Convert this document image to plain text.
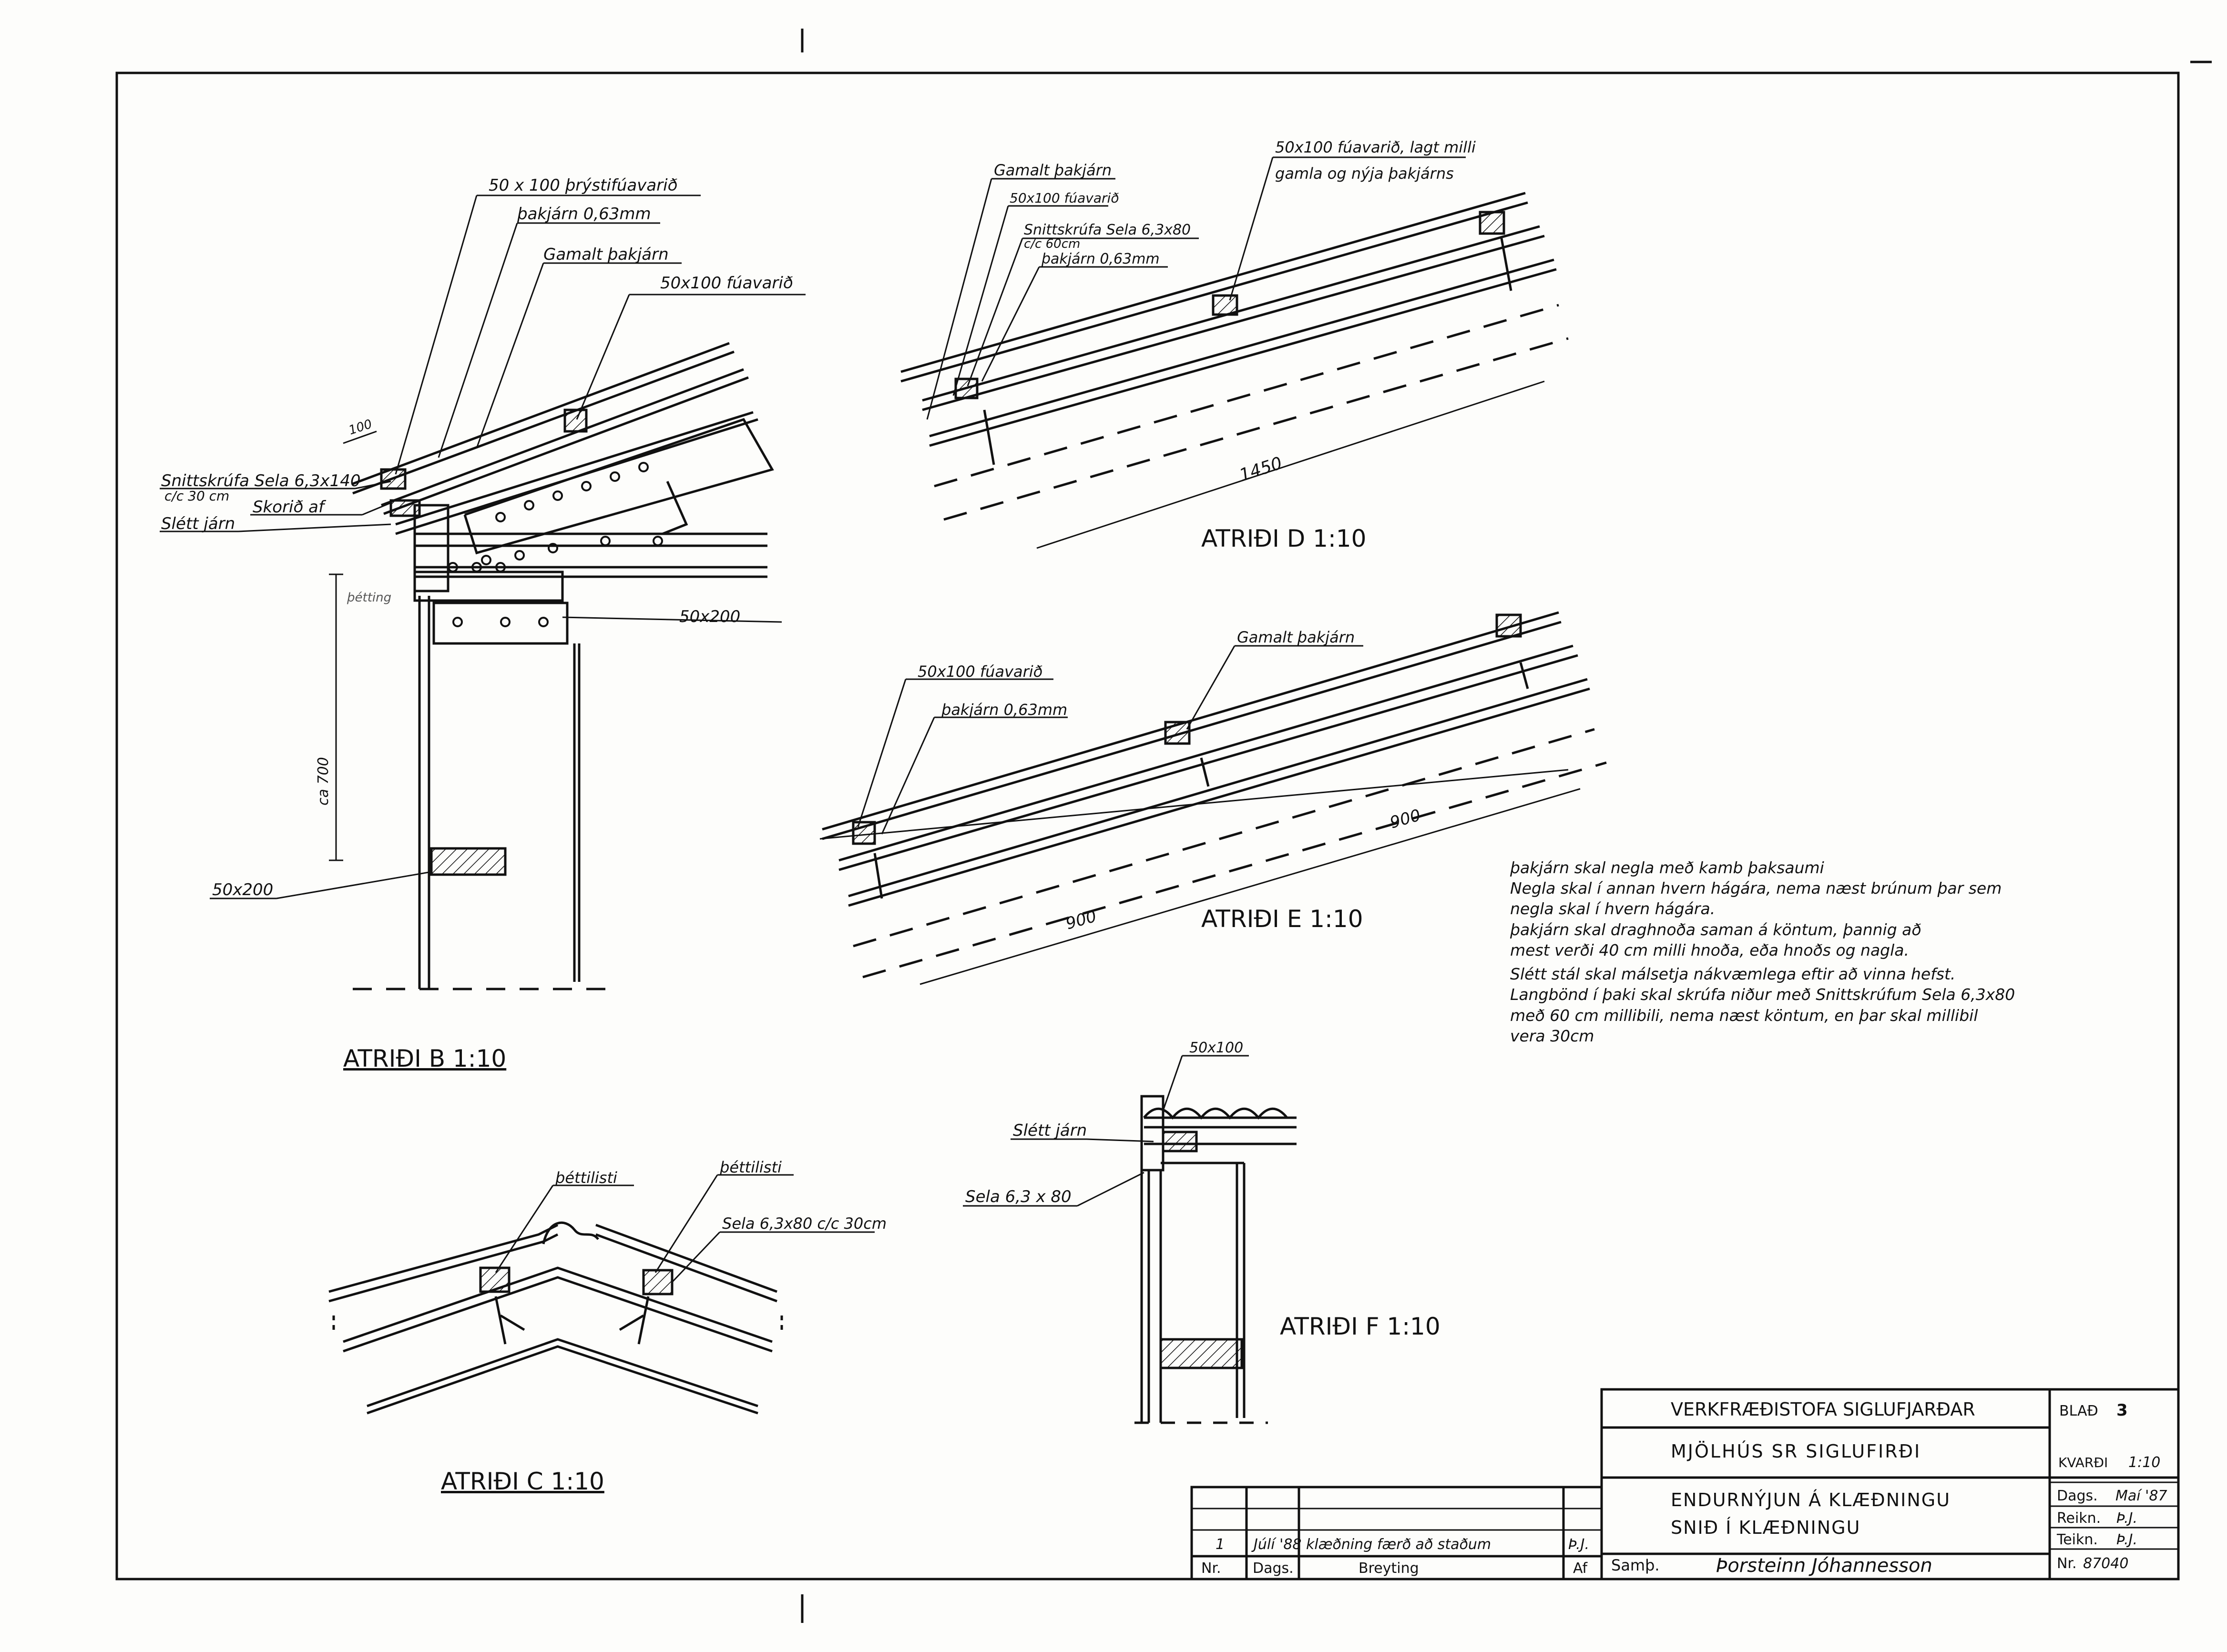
50 x 100 þrýstifúavarið
þakjárn 0,63mm
Gamalt þakjárn
50x100 fúavarið
100
Snittskrúfa Sela 6,3x140
c/c 30 cm
Skorið af
Slétt járn
þétting
50x200
ca 700
50x200
ATRIÐI B 1:10
þéttilisti
þéttilisti
Sela 6,3x80 c/c 30cm
ATRIÐI C 1:10
Gamalt þakjárn
50x100 fúavarið
Snittskrúfa Sela 6,3x80
c/c 60cm
þakjárn 0,63mm
50x100 fúavarið, lagt milli
gamla og nýja þakjárns
1450
ATRIÐI D 1:10
50x100 fúavarið
þakjárn 0,63mm
Gamalt þakjárn
900
900	ATRIÐI E 1:10
50x100
Slétt járn
Sela 6,3 x 80
ATRIÐI F 1:10
þakjárn skal negla með kamb þaksaumi
Negla skal í annan hvern hágára, nema næst brúnum þar sem
negla skal í hvern hágára.
þakjárn skal draghnoða saman á köntum, þannig að
mest verði 40 cm milli hnoða, eða hnoðs og nagla.
Slétt stál skal málsetja nákvæmlega eftir að vinna hefst.
Langbönd í þaki skal skrúfa niður með Snittskrúfum Sela 6,3x80
með 60 cm millibili, nema næst köntum, en þar skal millibil
vera 30cm
VERKFRÆÐISTOFA SIGLUFJARÐAR
MJÖLHÚS SR SIGLUFIRÐI
ENDURNÝJUN Á KLÆÐNINGU
SNIÐ Í KLÆÐNINGU
Samþ.	Þorsteinn Jóhannesson
BLAÐ 3
KVARÐI 1:10
Dags. Maí '87
Reikn. Þ.J.
Teikn. Þ.J.
Nr. 87040
1 Júlí '88 klæðning færð að staðum	Þ.J.
Nr. Dags.	Breyting	Af
